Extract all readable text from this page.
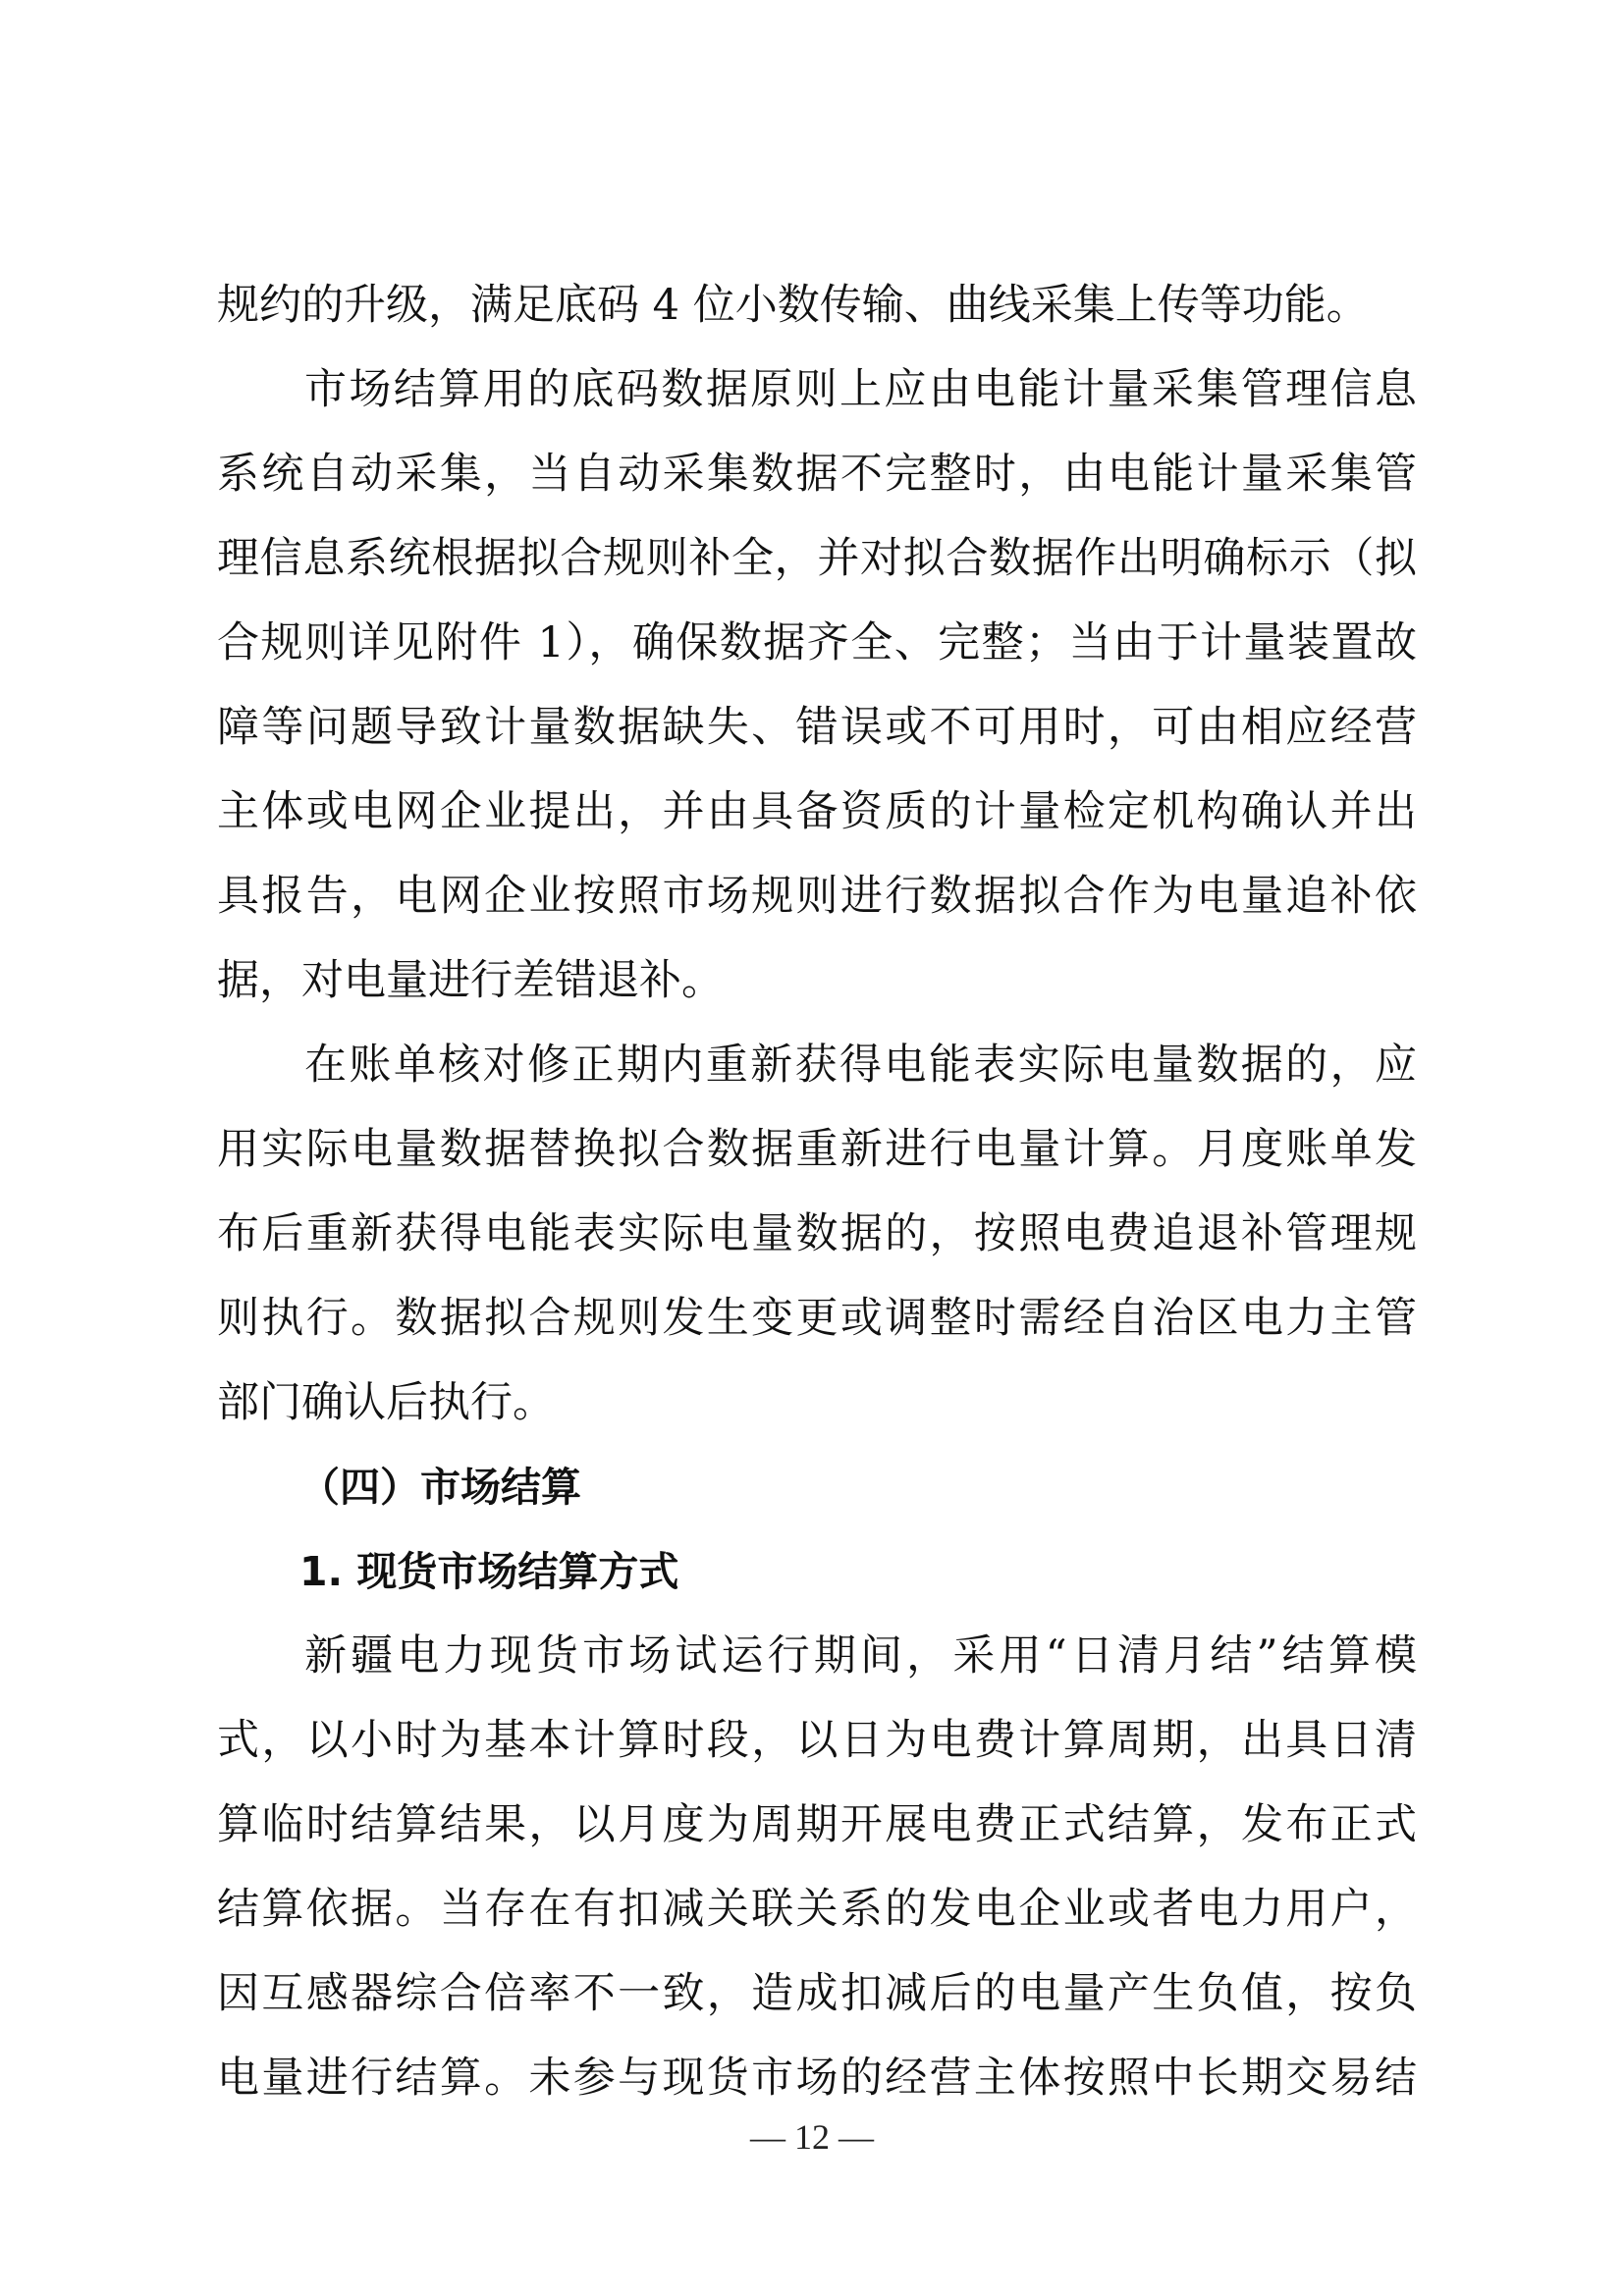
规约的升级，满足底码 4 位小数传输、曲线采集上传等功能。
市场结算用的底码数据原则上应由电能计量采集管理信息
系统自动采集，当自动采集数据不完整时，由电能计量采集管
理信息系统根据拟合规则补全，并对拟合数据作出明确标示（拟
合规则详见附件 1），确保数据齐全、完整；当由于计量装置故
障等问题导致计量数据缺失、错误或不可用时，可由相应经营
主体或电网企业提出，并由具备资质的计量检定机构确认并出
具报告，电网企业按照市场规则进行数据拟合作为电量追补依
据，对电量进行差错退补。
在账单核对修正期内重新获得电能表实际电量数据的，应
用实际电量数据替换拟合数据重新进行电量计算。月度账单发
布后重新获得电能表实际电量数据的，按照电费追退补管理规
则执行。数据拟合规则发生变更或调整时需经自治区电力主管
部门确认后执行。
（四）市场结算
1. 现货市场结算方式
新疆电力现货市场试运行期间，采用“日清月结”结算模
式，以小时为基本计算时段，以日为电费计算周期，出具日清
算临时结算结果，以月度为周期开展电费正式结算，发布正式
结算依据。当存在有扣减关联关系的发电企业或者电力用户，
因互感器综合倍率不一致，造成扣减后的电量产生负值，按负
电量进行结算。未参与现货市场的经营主体按照中长期交易结
— 12 —
